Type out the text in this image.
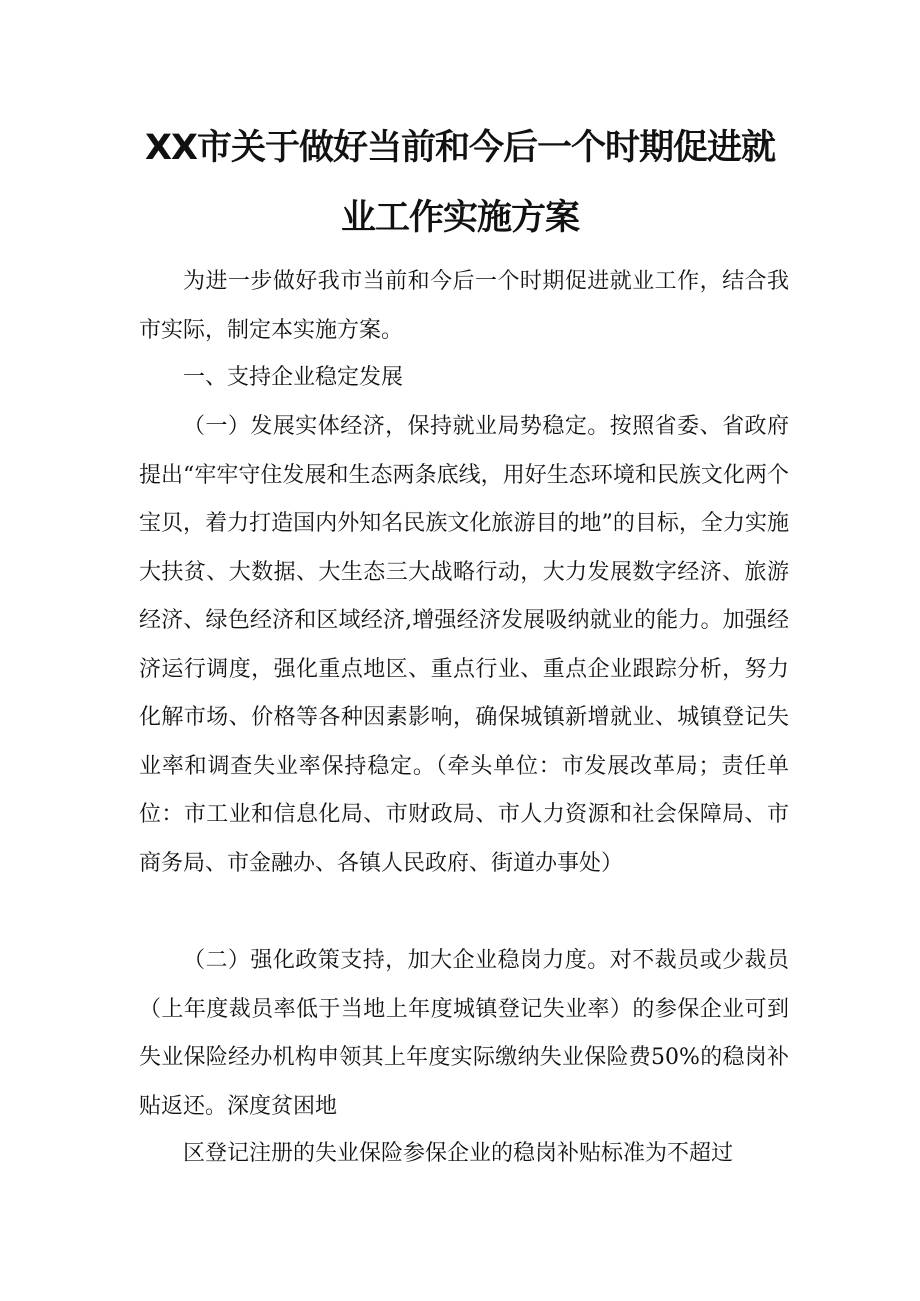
XX市关于做好当前和今后一个时期促进就
业工作实施方案
为进一步做好我市当前和今后一个时期促进就业工作，结合我市实际，制定本实施方案。
一、支持企业稳定发展
（一）发展实体经济，保持就业局势稳定。按照省委、省政府提出“牢牢守住发展和生态两条底线，用好生态环境和民族文化两个宝贝，着力打造国内外知名民族文化旅游目的地”的目标，全力实施大扶贫、大数据、大生态三大战略行动，大力发展数字经济、旅游经济、绿色经济和区域经济,增强经济发展吸纳就业的能力。加强经济运行调度，强化重点地区、重点行业、重点企业跟踪分析，努力化解市场、价格等各种因素影响，确保城镇新增就业、城镇登记失业率和调查失业率保持稳定。（牵头单位：市发展改革局；责任单位：市工业和信息化局、市财政局、市人力资源和社会保障局、市商务局、市金融办、各镇人民政府、街道办事处）
（二）强化政策支持，加大企业稳岗力度。对不裁员或少裁员（上年度裁员率低于当地上年度城镇登记失业率）的参保企业可到失业保险经办机构申领其上年度实际缴纳失业保险费50%的稳岗补贴返还。深度贫困地
区登记注册的失业保险参保企业的稳岗补贴标准为不超过
